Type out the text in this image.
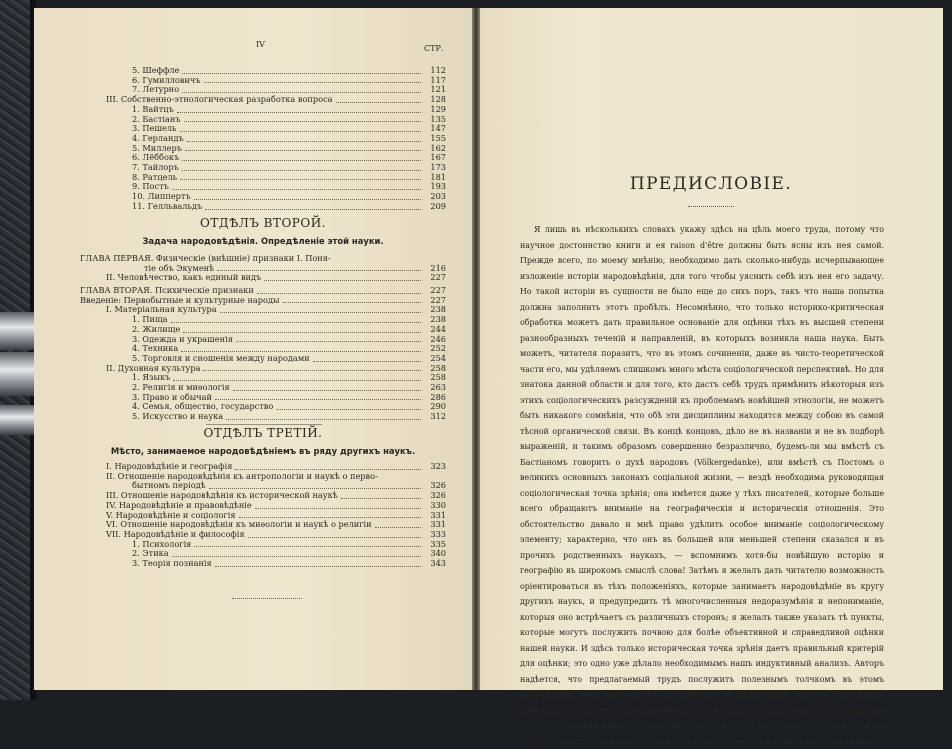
IV	СТР.
5. Шеффле	112
6. Гумилловичъ	117
7. Летурно	121
III. Собственно-этнологическая разработка вопроса	128
1. Вайтцъ	129
2. Бастіанъ	135
3. Пешель	147
4. Герландъ	155
5. Миллеръ	162
6. Лёббокъ	167
7. Тайлоръ	173
8. Ратцель	181
9. Постъ	193
10. Липпертъ	203
11. Гелльвальдъ	209
ОТДѢЛЪ ВТОРОЙ.
Задача народовѣдѣнія. Опредѣленіе этой науки.
ГЛАВА ПЕРВАЯ. Физическіе (внѣшніе) признаки I. Поня-
тіе объ Экуменѣ	216
II. Человѣчество, какъ единый видъ	227
ГЛАВА ВТОРАЯ. Психическіе признаки	227
Введеніе: Первобытные и культурные народы	227
I. Матеріальная культура	238
1. Пища	238
2. Жилище	244
3. Одежда и украшенія	246
4. Техника	252
5. Торговля и сношенія между народами	254
II. Духовная культура	258
1. Языкъ	258
2. Религія и миѳологія	263
3. Право и обычай	286
4. Семья, общество, государство	290
5. Искусство и наука	312
ОТДѢЛЪ ТРЕТІЙ.
Мѣсто, занимаемое народовѣдѣніемъ въ ряду другихъ наукъ.
I. Народовѣдѣніе и географія	323
II. Отношеніе народовѣдѣнія къ антропологіи и наукѣ о перво-
бытномъ періодѣ	326
III. Отношеніе народовѣдѣнія къ исторической наукѣ	326
IV. Народовѣдѣніе и правовѣдѣніе	330
V. Народовѣдѣніе и соціологія	331
VI. Отношеніе народовѣдѣнія къ миѳологіи и наукѣ о религіи	331
VII. Народовѣдѣніе и философія	333
1. Психологія	335
2. Этика	340
3. Теорія познанія	343
ПРЕДИСЛОВІЕ.
Я лишь въ нѣсколькихъ словахъ укажу здѣсь на цѣль моего труда, потому что научное достоинство книги и ея raison d'être должны быть ясны изъ нея самой. Прежде всего, по моему мнѣнію, необходимо дать сколько-нибудь исчерпывающее изложеніе исторіи народовѣдѣнія, для того чтобы уяснить себѣ изъ нея его задачу. Но такой исторіи въ сущности не было еще до сихъ поръ, такъ что наша попытка должна заполнить этотъ пробѣлъ. Несомнѣнно, что только историко-критическая обработка можетъ дать правильное основаніе для оцѣнки тѣхъ въ высшей степени разнообразныхъ теченій и направленій, въ которыхъ возникла наша наука. Быть можетъ, читателя поразитъ, что въ этомъ сочиненіи, даже въ чисто-теоретической части его, мы удѣляемъ слишкомъ много мѣста соціологической перспективѣ. Но для знатока данной области и для того, кто дастъ себѣ трудъ примѣнить нѣкоторыя изъ этихъ соціологическихъ разсужденій къ проблемамъ новѣйшей этнологіи, не можетъ быть никакого сомнѣнія, что обѣ эти дисциплины находятся между собою въ самой тѣсной органической связи. Въ концѣ концовъ, дѣло не въ названіи и не въ подборѣ выраженій, и такимъ образомъ совершенно безразлично, будемъ-ли мы вмѣстѣ съ Бастіаномъ говорить о духѣ народовъ (Völkergedanke), или вмѣстѣ съ Постомъ о великихъ основныхъ законахъ соціальной жизни, — вездѣ необходима руководящая соціологическая точка зрѣнія; она имѣется даже у тѣхъ писателей, которые больше всего обращаютъ вниманіе на географическія и историческія отношенія. Это обстоятельство давало и мнѣ право удѣлить особое вниманіе соціологическому элементу; характерно, что онъ въ большей или меньшей степени сказался и въ прочихъ родственныхъ наукахъ, — вспомнимъ хотя-бы новѣйшую исторію и географію въ широкомъ смыслѣ слова! Затѣмъ я желалъ дать читателю возможность оріентироваться въ тѣхъ положеніяхъ, которые занимаетъ народовѣдѣніе въ кругу другихъ наукъ, и предупредить тѣ многочисленныя недоразумѣнія и непониманіе, которыя оно встрѣчаетъ съ различныхъ сторонъ; я желалъ также указать тѣ пункты, которые могутъ послужить почвою для болѣе объективной и справедливой оцѣнки нашей науки. И здѣсь только историческая точка зрѣнія даетъ правильный критерій для оцѣнки; это одно уже дѣлало необходимымъ нашъ индуктивный анализъ. Авторъ надѣется, что предлагаемый трудъ послужитъ полезнымъ толчкомъ въ этомъ направленіи, такъ какъ, кромѣ разсѣянныхъ въ различныхъ мѣстахъ случайныхъ замѣтокъ, мы не имѣемъ еще ни одного цѣльнаго сочиненія въ этомъ родѣ. Въ особенности надо сказать это о философіи, которая больше всего нуждается въ подробной и тщательной обработкѣ того неисчерпаемаго и богатаго матеріала, ко-
